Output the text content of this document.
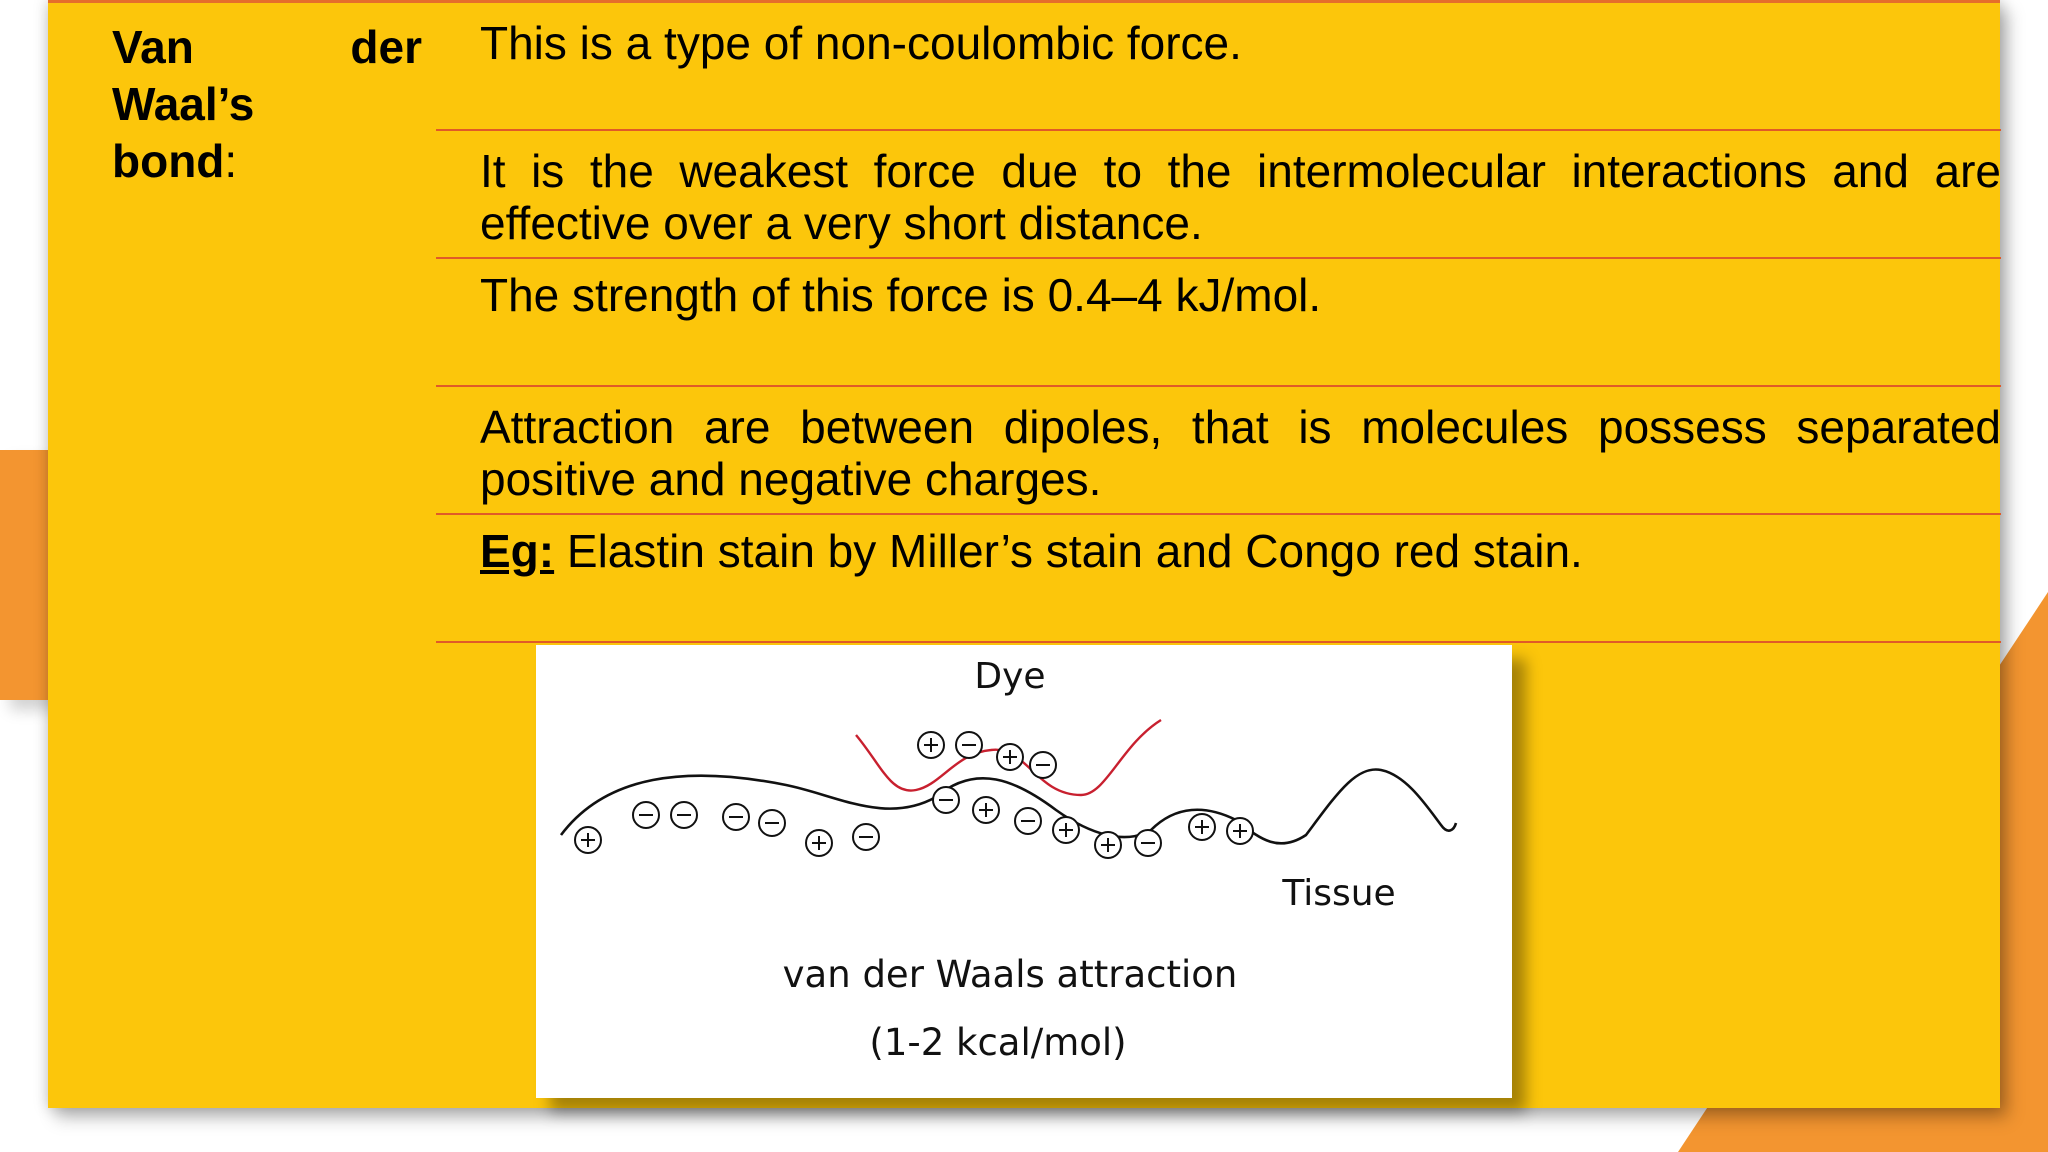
Van	der
Waal’s
bond:
This is a type of non-coulombic force.
It is the weakest force due to the intermolecular interactions and are effective over a very short distance.
The strength of this force is 0.4–4 kJ/mol.
Attraction are between dipoles, that is molecules possess separated positive and negative charges.
Eg: Elastin stain by Miller’s stain and Congo red stain.
Dye
Tissue
van der Waals attraction
(1-2 kcal/mol)
